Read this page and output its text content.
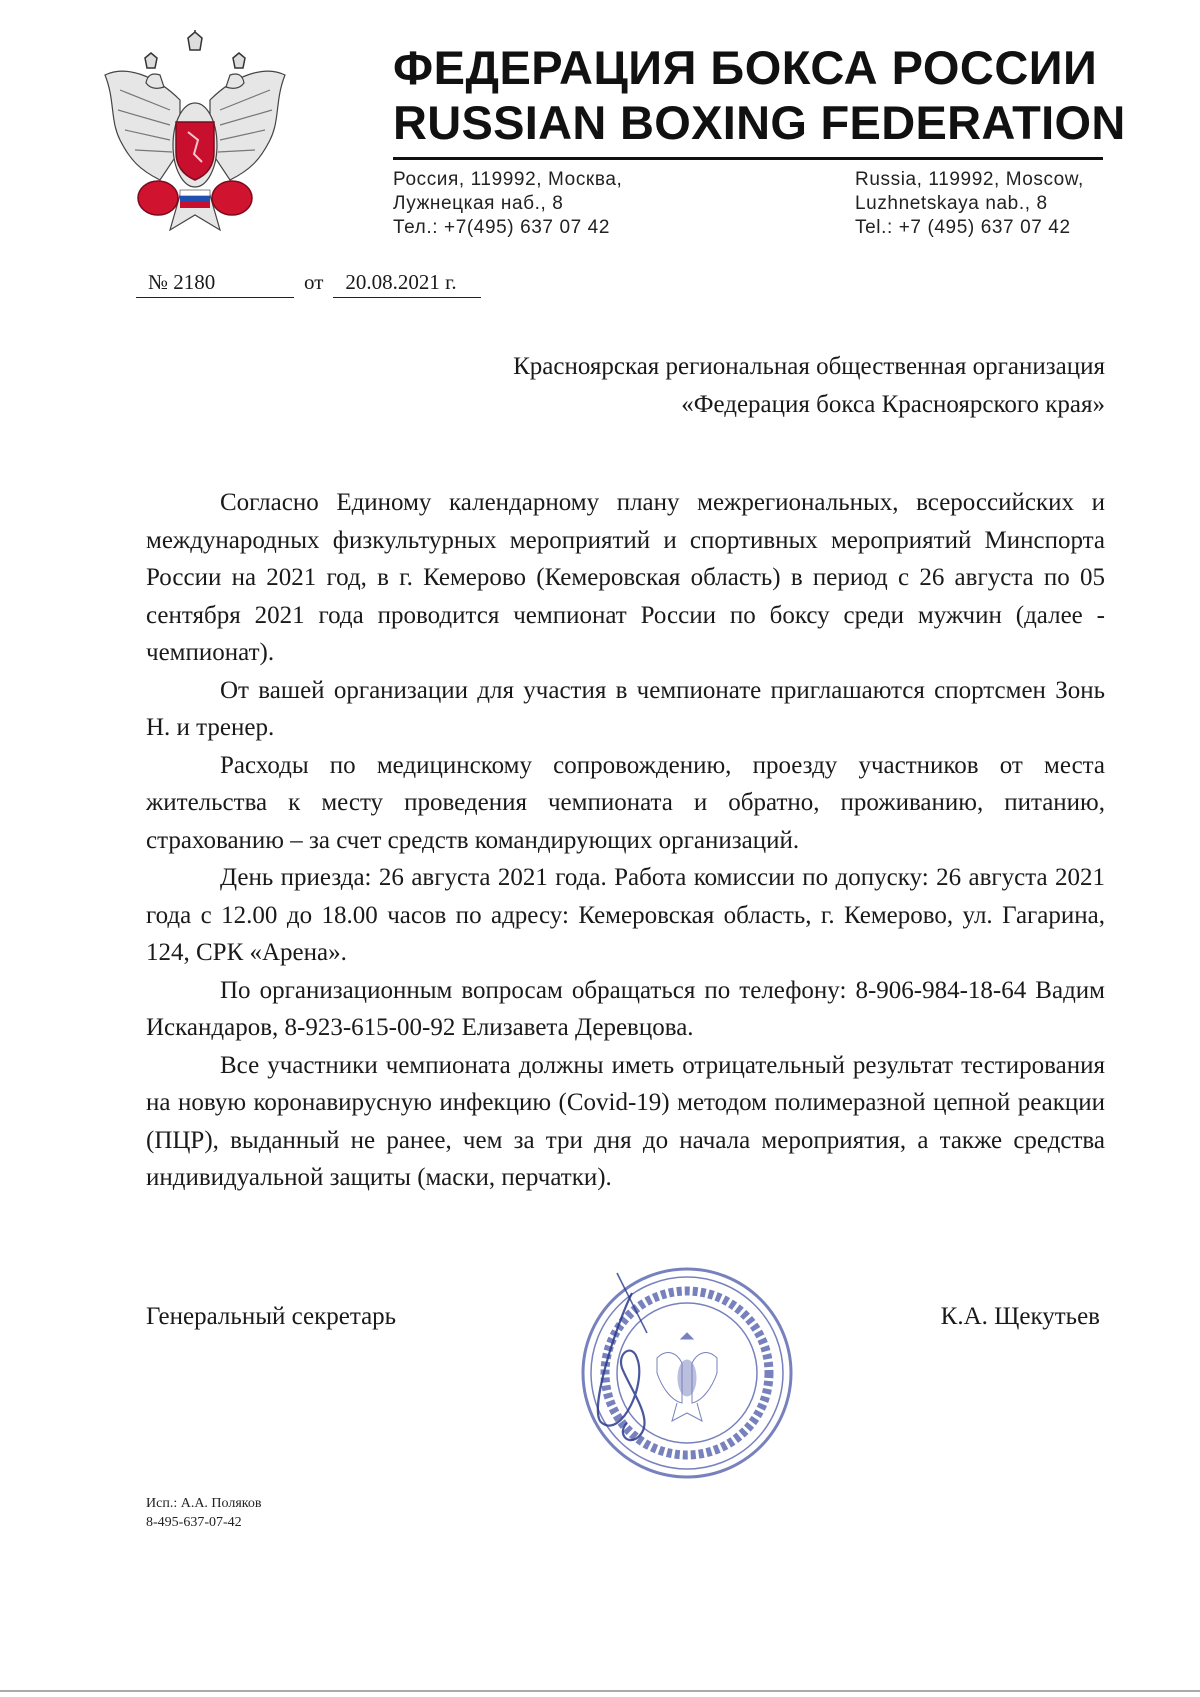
ФЕДЕРАЦИЯ БОКСА РОССИИ
RUSSIAN BOXING FEDERATION
Россия, 119992, Москва,
Лужнецкая наб., 8
Тел.: +7(495) 637 07 42
Russia, 119992, Moscow,
Luzhnetskaya nab., 8
Tel.: +7 (495) 637 07 42
№ 2180	от 20.08.2021 г.
Красноярская региональная общественная организация
«Федерация бокса Красноярского края»

Согласно Единому календарному плану межрегиональных, всероссийских и международных физкультурных мероприятий и спортивных мероприятий Минспорта России на 2021 год, в г. Кемерово (Кемеровская область) в период с 26 августа по 05 сентября 2021 года проводится чемпионат России по боксу среди мужчин (далее - чемпионат).

От вашей организации для участия в чемпионате приглашаются спортсмен Зонь Н. и тренер.

Расходы по медицинскому сопровождению, проезду участников от места жительства к месту проведения чемпионата и обратно, проживанию, питанию, страхованию – за счет средств командирующих организаций.

День приезда: 26 августа 2021 года. Работа комиссии по допуску: 26 августа 2021 года с 12.00 до 18.00 часов по адресу: Кемеровская область, г. Кемерово, ул. Гагарина, 124, СРК «Арена».

По организационным вопросам обращаться по телефону: 8-906-984-18-64 Вадим Искандаров, 8-923-615-00-92 Елизавета Деревцова.

Все участники чемпионата должны иметь отрицательный результат тестирования на новую коронавирусную инфекцию (Covid-19) методом полимеразной цепной реакции (ПЦР), выданный не ранее, чем за три дня до начала мероприятия, а также средства индивидуальной защиты (маски, перчатки).

Генеральный секретарь	К.А. Щекутьев
Исп.: А.А. Поляков
8-495-637-07-42
